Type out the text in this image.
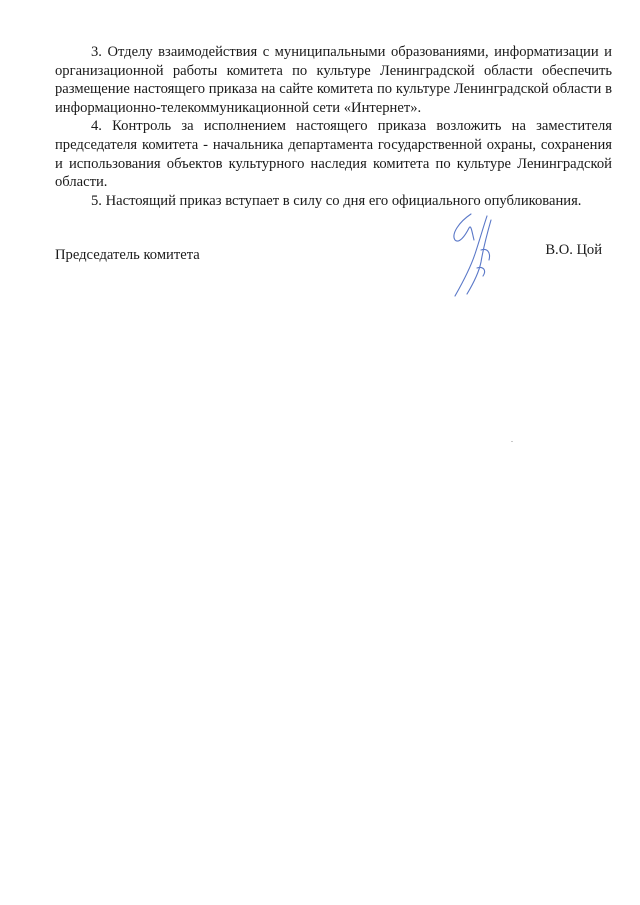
3. Отделу взаимодействия с муниципальными образованиями, информатизации и организационной работы комитета по культуре Ленинградской области обеспечить размещение настоящего приказа на сайте комитета по культуре Ленинградской области в информационно-телекоммуникационной сети «Интернет».

4. Контроль за исполнением настоящего приказа возложить на заместителя председателя комитета - начальника департамента государственной охраны, сохранения и использования объектов культурного наследия комитета по культуре Ленинградской области.

5. Настоящий приказ вступает в силу со дня его официального опубликования.

Председатель комитета	В.О. Цой
